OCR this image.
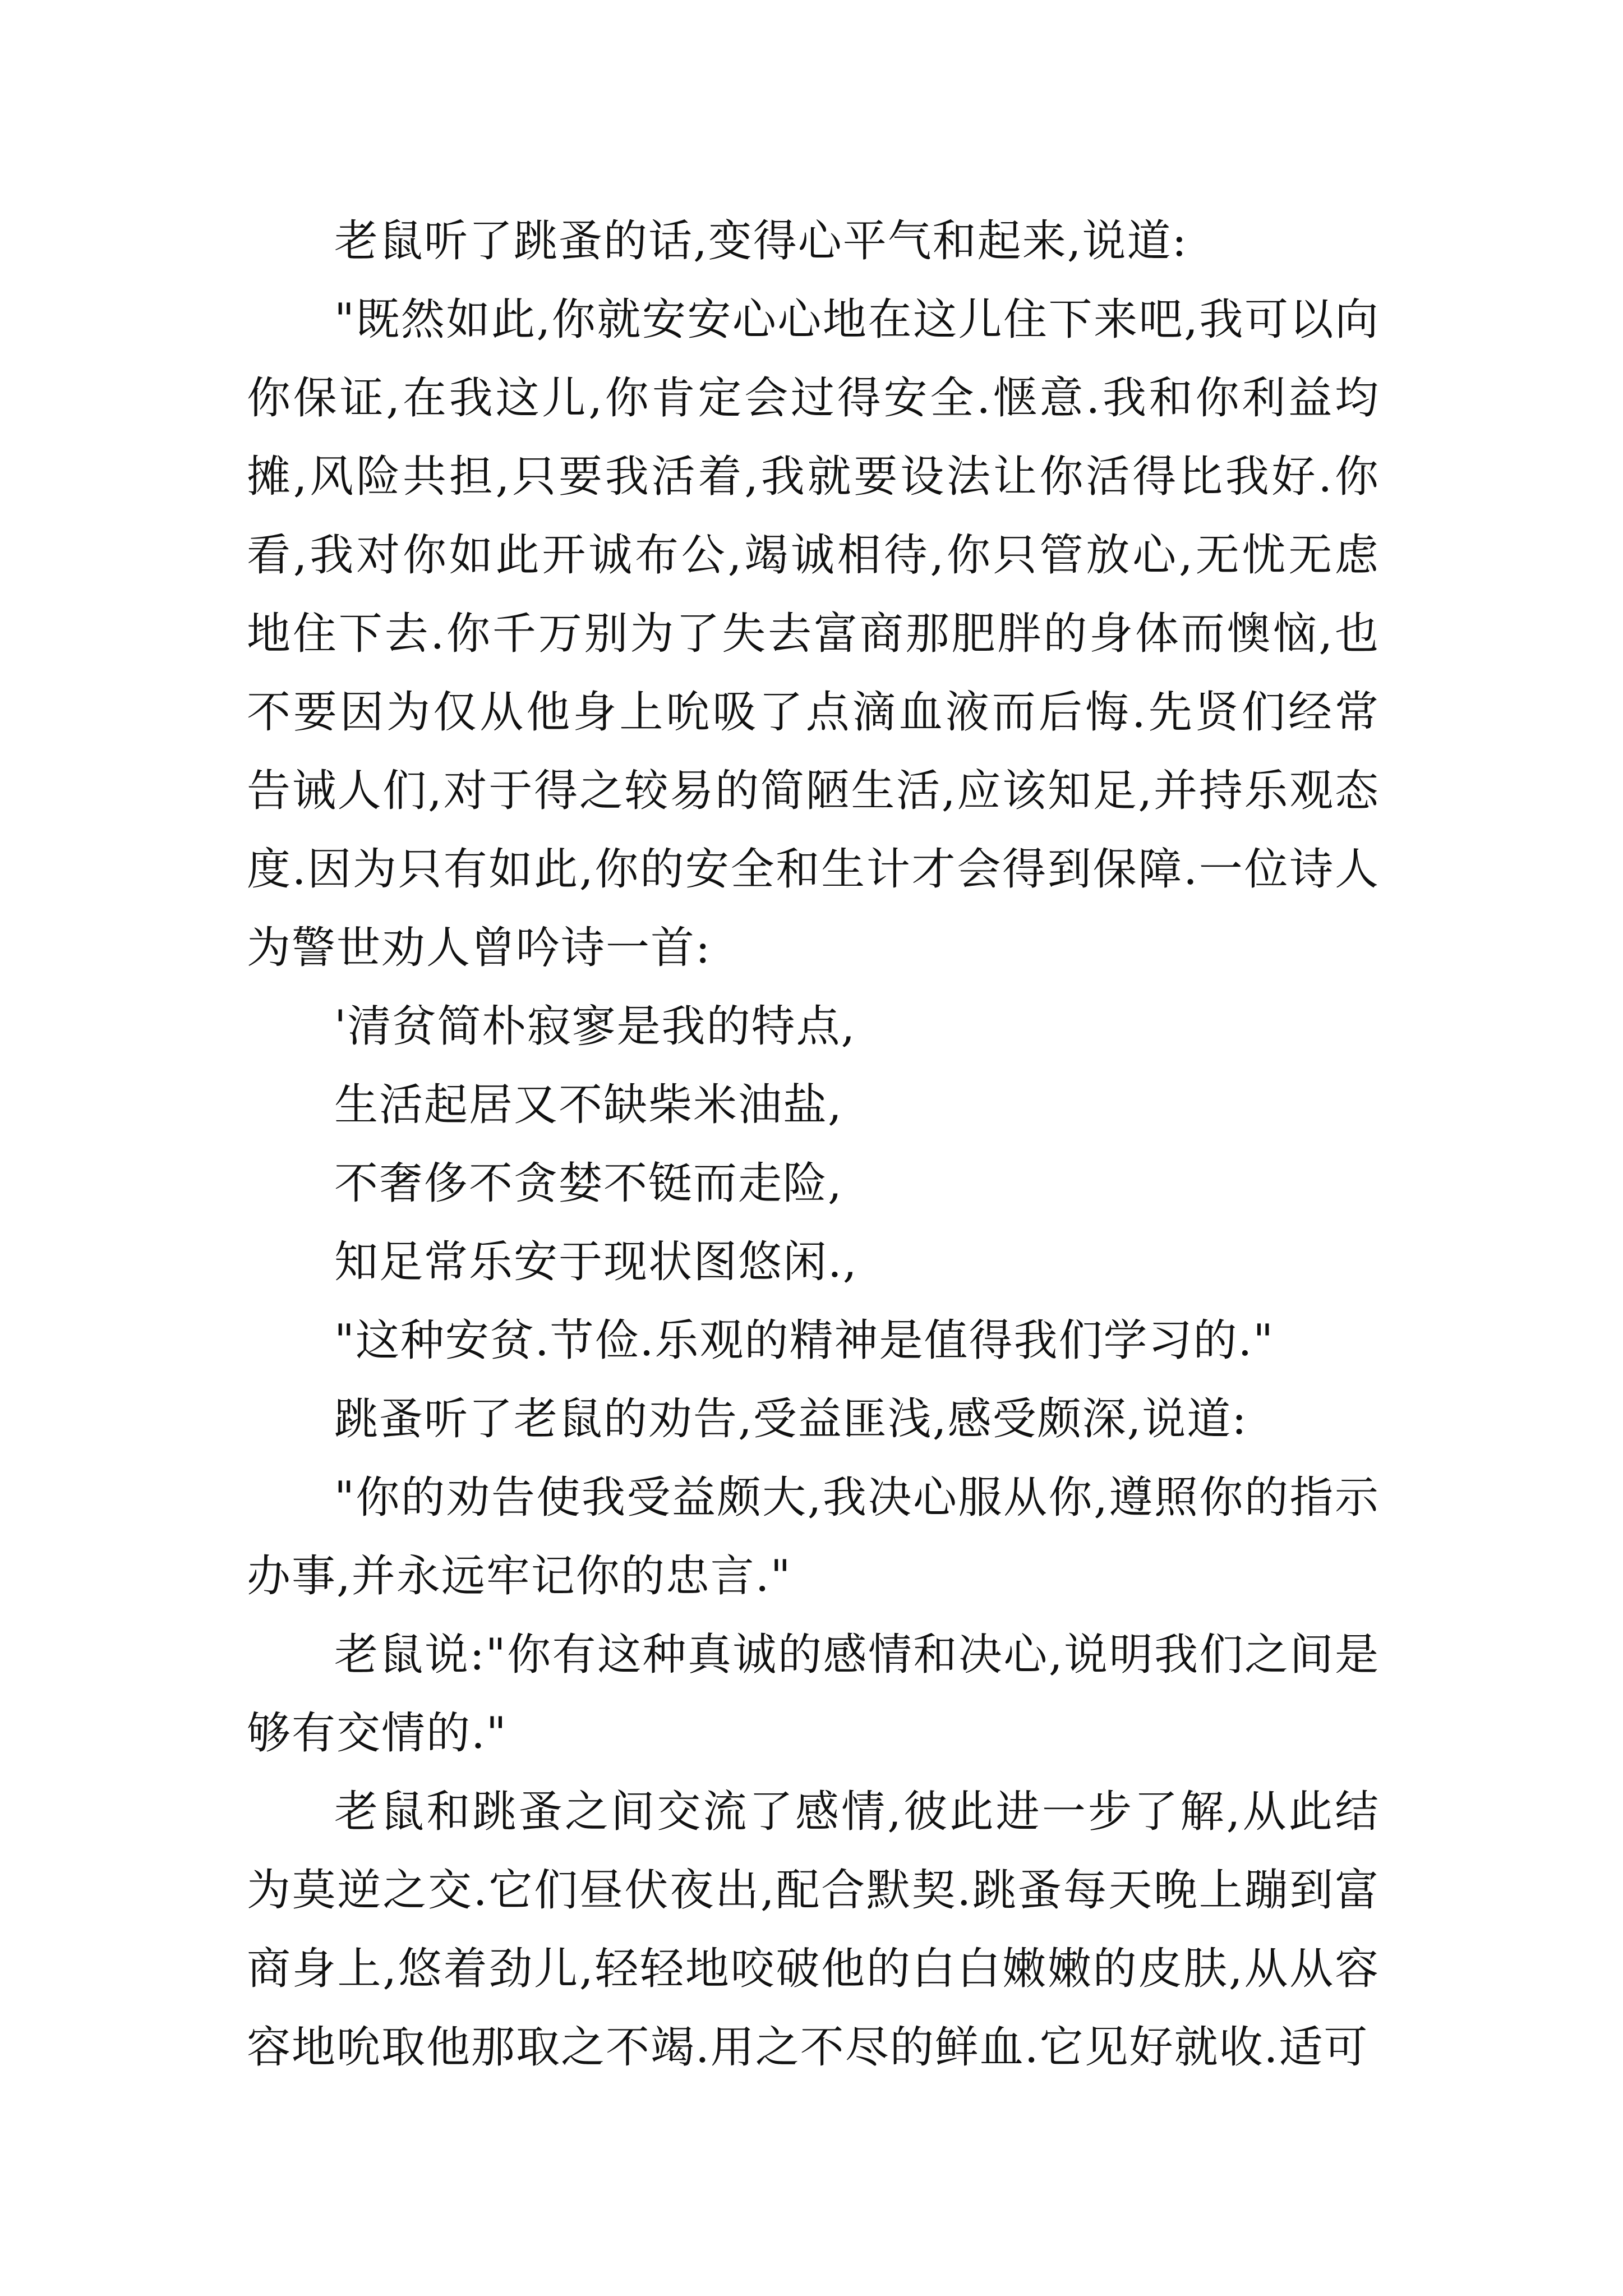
老鼠听了跳蚤的话,变得心平气和起来,说道:

"既然如此,你就安安心心地在这儿住下来吧,我可以向你保证,在我这儿,你肯定会过得安全.惬意.我和你利益均摊,风险共担,只要我活着,我就要设法让你活得比我好.你看,我对你如此开诚布公,竭诚相待,你只管放心,无忧无虑地住下去.你千万别为了失去富商那肥胖的身体而懊恼,也不要因为仅从他身上吮吸了点滴血液而后悔.先贤们经常告诫人们,对于得之较易的简陋生活,应该知足,并持乐观态度.因为只有如此,你的安全和生计才会得到保障.一位诗人为警世劝人曾吟诗一首:

'清贫简朴寂寥是我的特点,

生活起居又不缺柴米油盐,

不奢侈不贪婪不铤而走险,

知足常乐安于现状图悠闲.,

"这种安贫.节俭.乐观的精神是值得我们学习的."

跳蚤听了老鼠的劝告,受益匪浅,感受颇深,说道:

"你的劝告使我受益颇大,我决心服从你,遵照你的指示办事,并永远牢记你的忠言."

老鼠说:"你有这种真诚的感情和决心,说明我们之间是够有交情的."

老鼠和跳蚤之间交流了感情,彼此进一步了解,从此结为莫逆之交.它们昼伏夜出,配合默契.跳蚤每天晚上蹦到富商身上,悠着劲儿,轻轻地咬破他的白白嫩嫩的皮肤,从从容容地吮取他那取之不竭.用之不尽的鲜血.它见好就收.适可
